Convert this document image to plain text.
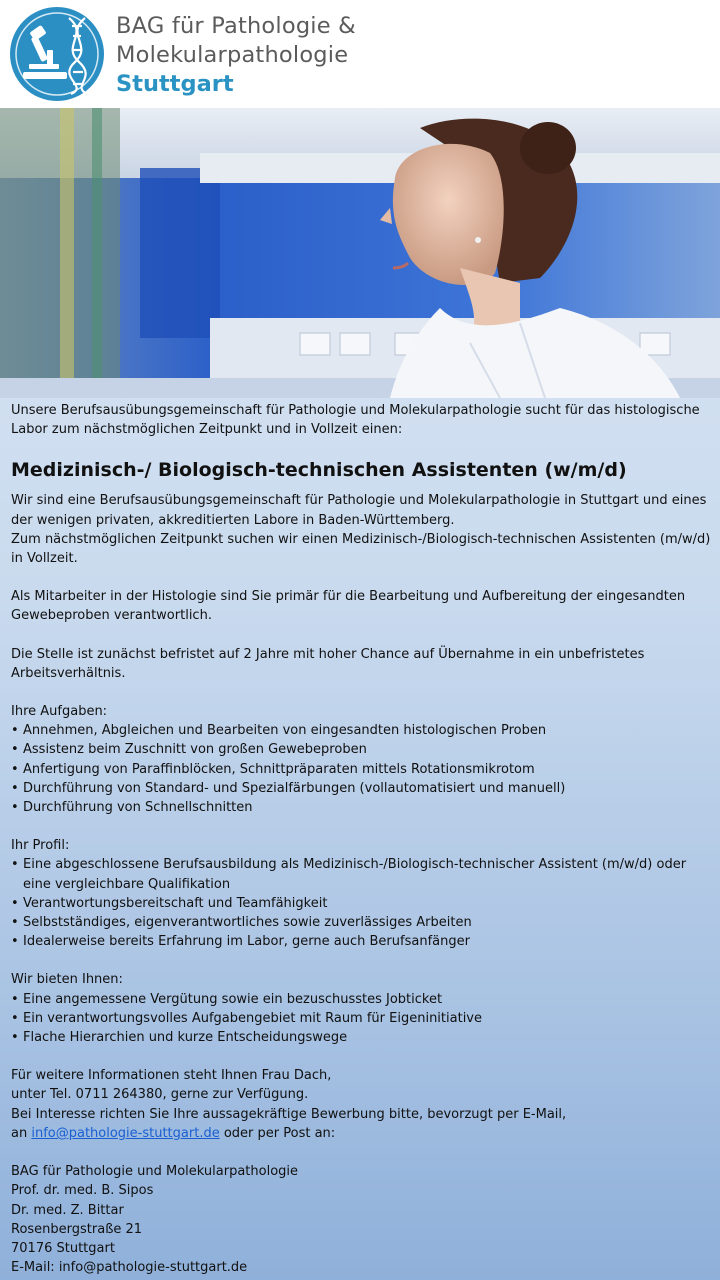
BAG für Pathologie &
Molekularpathologie
Stuttgart

Unsere Berufsausübungsgemeinschaft für Pathologie und Molekularpathologie sucht für das histologische Labor zum nächstmöglichen Zeitpunkt und in Vollzeit einen:

Medizinisch-/ Biologisch-technischen Assistenten (w/m/d)

Wir sind eine Berufsausübungsgemeinschaft für Pathologie und Molekularpathologie in Stuttgart und eines der wenigen privaten, akkreditierten Labore in Baden-Württemberg.
Zum nächstmöglichen Zeitpunkt suchen wir einen Medizinisch-/Biologisch-technischen Assistenten (m/w/d) in Vollzeit.

Als Mitarbeiter in der Histologie sind Sie primär für die Bearbeitung und Aufbereitung der eingesandten Gewebeproben verantwortlich.

Die Stelle ist zunächst befristet auf 2 Jahre mit hoher Chance auf Übernahme in ein unbefristetes Arbeitsverhältnis.

Ihre Aufgaben:

• Annehmen, Abgleichen und Bearbeiten von eingesandten histologischen Proben
• Assistenz beim Zuschnitt von großen Gewebeproben
• Anfertigung von Paraffinblöcken, Schnittpräparaten mittels Rotationsmikrotom
• Durchführung von Standard- und Spezialfärbungen (vollautomatisiert und manuell)
• Durchführung von Schnellschnitten

Ihr Profil:

• Eine abgeschlossene Berufsausbildung als Medizinisch-/Biologisch-technischer Assistent (m/w/d) oder eine vergleichbare Qualifikation
• Verantwortungsbereitschaft und Teamfähigkeit
• Selbstständiges, eigenverantwortliches sowie zuverlässiges Arbeiten
• Idealerweise bereits Erfahrung im Labor, gerne auch Berufsanfänger

Wir bieten Ihnen:

• Eine angemessene Vergütung sowie ein bezuschusstes Jobticket
• Ein verantwortungsvolles Aufgabengebiet mit Raum für Eigeninitiative
• Flache Hierarchien und kurze Entscheidungswege

Für weitere Informationen steht Ihnen Frau Dach,

unter Tel. 0711 264380, gerne zur Verfügung.

Bei Interesse richten Sie Ihre aussagekräftige Bewerbung bitte, bevorzugt per E-Mail,

an info@pathologie-stuttgart.de oder per Post an:

BAG für Pathologie und Molekularpathologie

Prof. dr. med. B. Sipos

Dr. med. Z. Bittar

Rosenbergstraße 21

70176 Stuttgart

E-Mail: info@pathologie-stuttgart.de
